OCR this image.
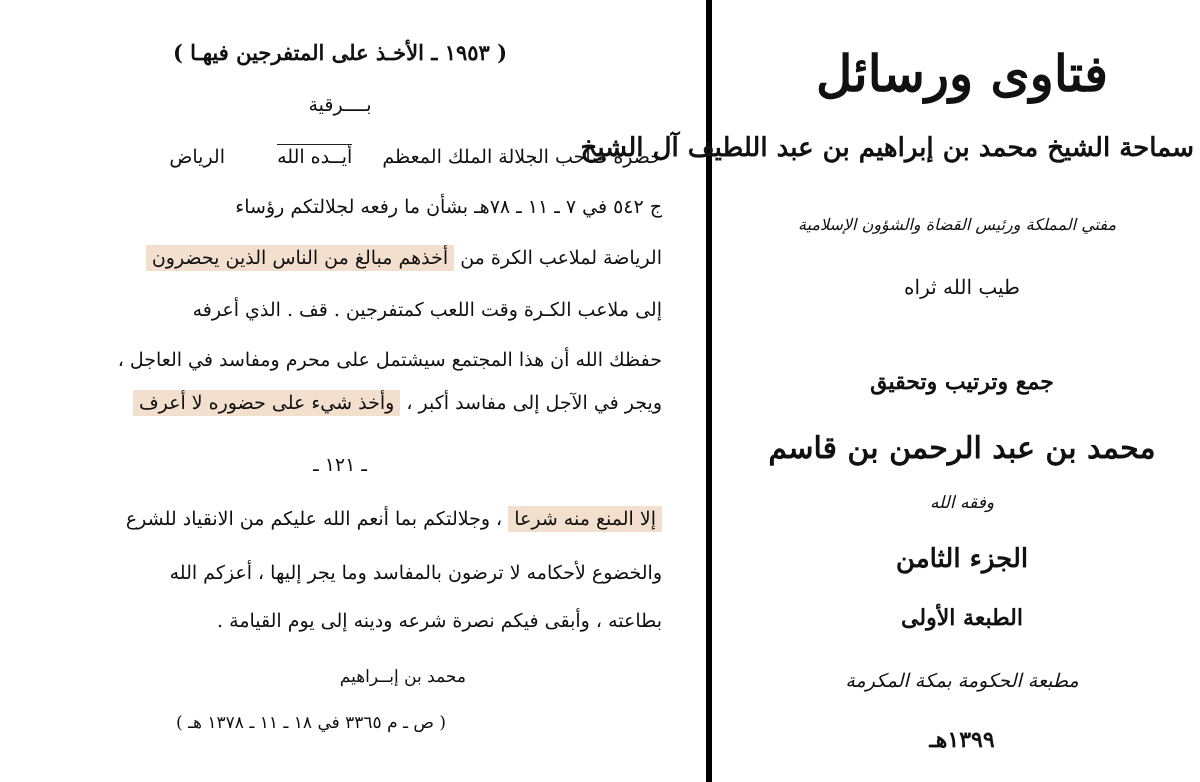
( ١٩٥٣ ـ الأخـذ على المتفرجين فيهـا )
بــــرقية
حضرة صاحب الجلالة الملك المعظم  أيــده الله  الرياض
ج ٥٤٢ في ٧ ـ ١١ ـ ٧٨هـ بشأن ما رفعه لجلالتكم رؤساء
الرياضة لملاعب الكرة من أخذهم مبالغ من الناس الذين يحضرون
إلى ملاعب الكـرة وقت اللعب كمتفرجين . قف . الذي أعرفه
حفظك الله أن هذا المجتمع سيشتمل على محرم ومفاسد في العاجل ،
ويجر في الآجل إلى مفاسد أكبر ، وأخذ شيء على حضوره لا أعرف
ـ ١٢١ ـ
إلا المنع منه شرعا ، وجلالتكم بما أنعم الله عليكم من الانقياد للشرع
والخضوع لأحكامه لا ترضون بالمفاسد وما يجر إليها ، أعزكم الله
بطاعته ، وأبقى فيكم نصرة شرعه ودينه إلى يوم القيامة .
محمد بن إبــراهيم
( ص ـ م ٣٣٦٥ في ١٨ ـ ١١ ـ ١٣٧٨ هـ )
فتاوى ورسائل
سماحة الشيخ محمد بن إبراهيم بن عبد اللطيف آل الشيخ
مفتي المملكة ورئيس القضاة والشؤون الإسلامية
طيب الله ثراه
جمع وترتيب وتحقيق
محمد بن عبد الرحمن بن قاسم
وفقه الله
الجزء الثامن
الطبعة الأولى
مطبعة الحكومة بمكة المكرمة
١٣٩٩هـ
